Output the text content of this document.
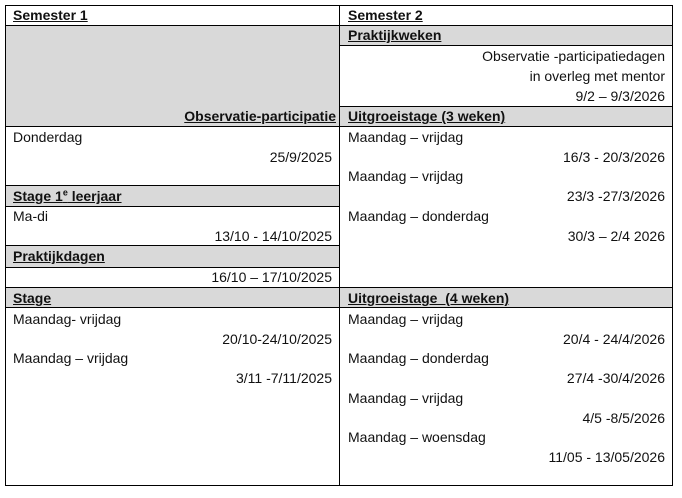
Semester 1	Semester 2
Observatie-participatie
Donderdag
25/9/2025
Stage 1e leerjaar
Ma-di
13/10 - 14/10/2025
Praktijkdagen
16/10 – 17/10/2025
Stage
Maandag- vrijdag
20/10-24/10/2025
Maandag – vrijdag
3/11 -7/11/2025
Praktijkweken
Observatie -participatiedagen
in overleg met mentor
9/2 – 9/3/2026
Uitgroeistage (3 weken)
Maandag – vrijdag
16/3 - 20/3/2026
Maandag – vrijdag
23/3 -27/3/2026
Maandag – donderdag
30/3 – 2/4 2026
Uitgroeistage  (4 weken)
Maandag – vrijdag
20/4 - 24/4/2026
Maandag – donderdag
27/4 -30/4/2026
Maandag – vrijdag
4/5 -8/5/2026
Maandag – woensdag
11/05 - 13/05/2026
